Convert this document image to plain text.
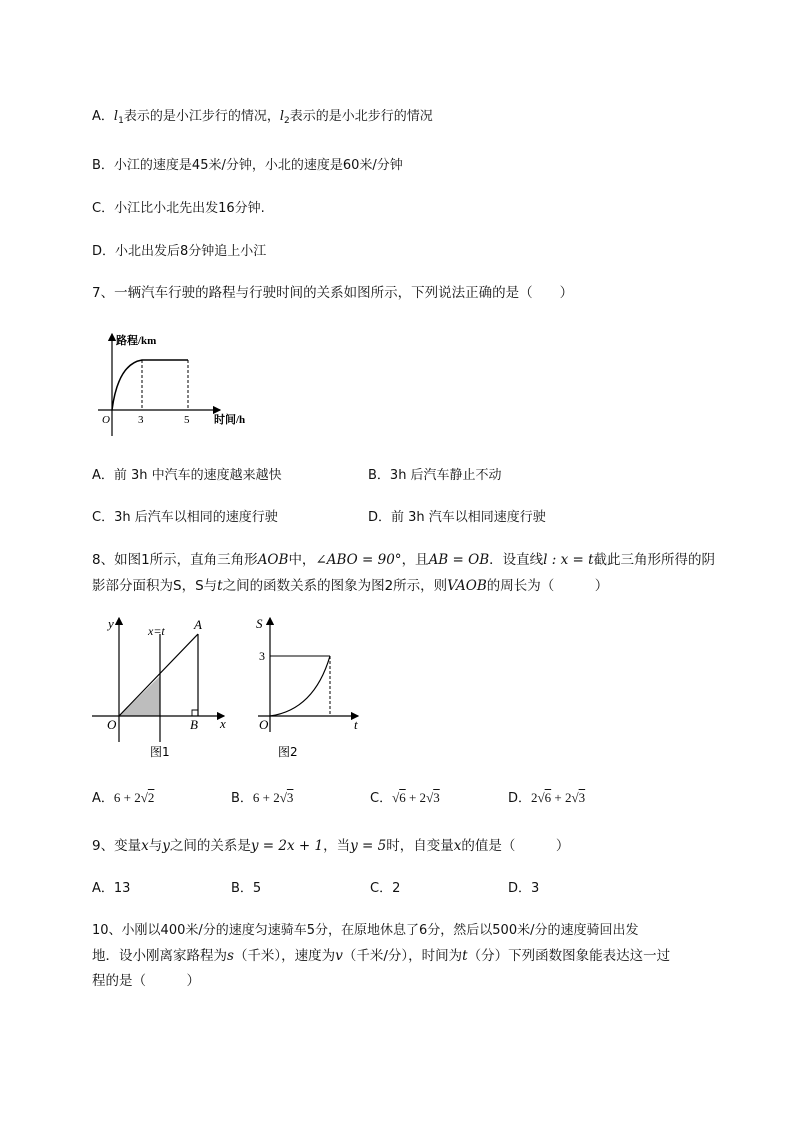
A．$l_1$表示的是小江步行的情况，$l_2$表示的是小北步行的情况
B．小江的速度是45米/分钟，小北的速度是60米/分钟
C．小江比小北先出发16分钟.
D．小北出发后8分钟追上小江
7、一辆汽车行驶的路程与行驶时间的关系如图所示，下列说法正确的是（　　）
路程/km
时间/h
O	3	5
A．前 3h 中汽车的速度越来越快	B．3h 后汽车静止不动
C．3h 后汽车以相同的速度行驶	D．前 3h 汽车以相同速度行驶
8、如图1所示，直角三角形AOB中，∠ABO = 90°，且AB = OB．设直线l : x = t截此三角形所得的阴
影部分面积为S，S与t之间的函数关系的图象为图2所示，则VAOB的周长为（　　　）
y
x
x=t A
B
O
图1
S
t
O
3
图2
A．6 + 2√2	B．6 + 2√3	C．√6 + 2√3	D．2√6 + 2√3
9、变量x与y之间的关系是y = 2x + 1，当y = 5时，自变量x的值是（　　　）
A．13	B．5	C．2	D．3
10、小刚以400米/分的速度匀速骑车5分，在原地休息了6分，然后以500米/分的速度骑回出发
地．设小刚离家路程为s（千米），速度为v（千米/分），时间为t（分）下列函数图象能表达这一过
程的是（　　　）
